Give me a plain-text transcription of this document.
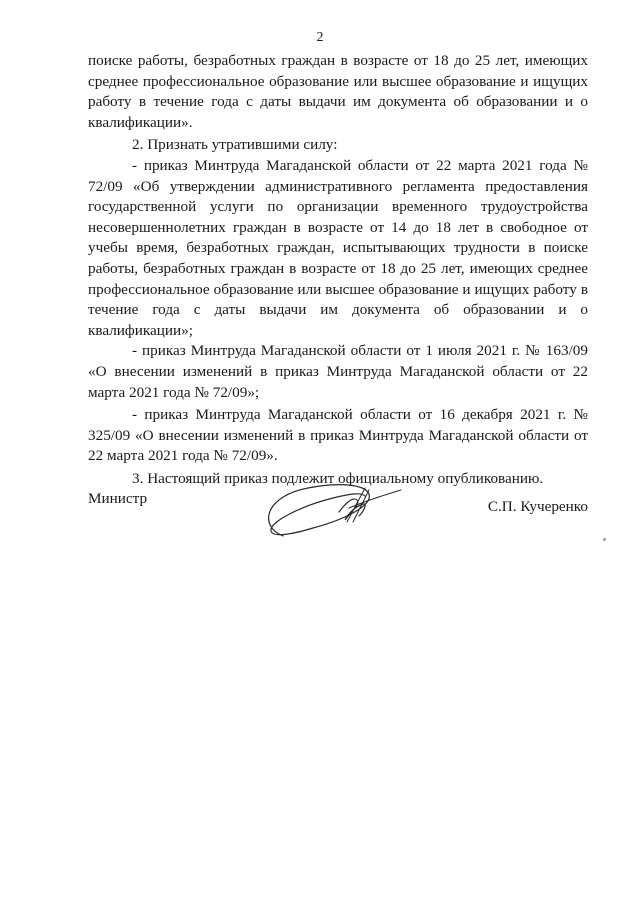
2

поиске работы, безработных граждан в возрасте от 18 до 25 лет, имеющих среднее профессиональное образование или высшее образование и ищущих работу в течение года с даты выдачи им документа об образовании и о квалификации».

2. Признать утратившими силу:

- приказ Минтруда Магаданской области от 22 марта 2021 года № 72/09 «Об утверждении административного регламента предоставления государственной услуги по организации временного трудоустройства несовершеннолетних граждан в возрасте от 14 до 18 лет в свободное от учебы время, безработных граждан, испытывающих трудности в поиске работы, безработных граждан в возрасте от 18 до 25 лет, имеющих среднее профессиональное образование или высшее образование и ищущих работу в течение года с даты выдачи им документа об образовании и о квалификации»;

- приказ Минтруда Магаданской области от 1 июля 2021 г. № 163/09 «О внесении изменений в приказ Минтруда Магаданской области от 22 марта 2021 года № 72/09»;

- приказ Минтруда Магаданской области от 16 декабря 2021 г. № 325/09 «О внесении изменений в приказ Минтруда Магаданской области от 22 марта 2021 года № 72/09».

3. Настоящий приказ подлежит официальному опубликованию.

Министр	С.П. Кучеренко
